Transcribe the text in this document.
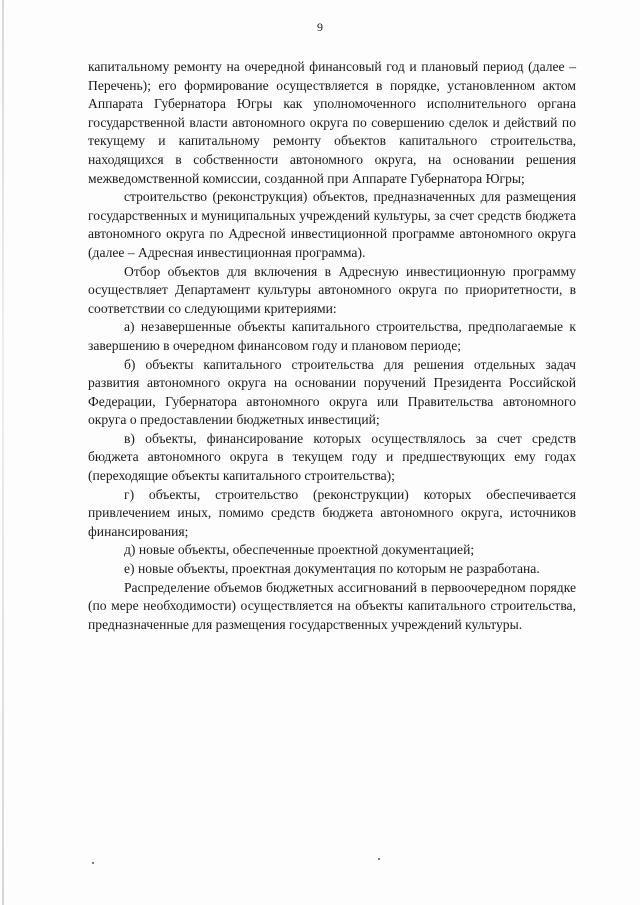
9

капитальному ремонту на очередной финансовый год и плановый период (далее – Перечень); его формирование осуществляется в порядке, установленном актом Аппарата Губернатора Югры как уполномоченного исполнительного органа государственной власти автономного округа по совершению сделок и действий по текущему и капитальному ремонту объектов капитального строительства, находящихся в собственности автономного округа, на основании решения межведомственной комиссии, созданной при Аппарате Губернатора Югры;

строительство (реконструкция) объектов, предназначенных для размещения государственных и муниципальных учреждений культуры, за счет средств бюджета автономного округа по Адресной инвестиционной программе автономного округа (далее – Адресная инвестиционная программа).

Отбор объектов для включения в Адресную инвестиционную программу осуществляет Департамент культуры автономного округа по приоритетности, в соответствии со следующими критериями:

а) незавершенные объекты капитального строительства, предполагаемые к завершению в очередном финансовом году и плановом периоде;

б) объекты капитального строительства для решения отдельных задач развития автономного округа на основании поручений Президента Российской Федерации, Губернатора автономного округа или Правительства автономного округа о предоставлении бюджетных инвестиций;

в) объекты, финансирование которых осуществлялось за счет средств бюджета автономного округа в текущем году и предшествующих ему годах (переходящие объекты капитального строительства);

г) объекты, строительство (реконструкции) которых обеспечивается привлечением иных, помимо средств бюджета автономного округа, источников финансирования;

д) новые объекты, обеспеченные проектной документацией;

е) новые объекты, проектная документация по которым не разработана.

Распределение объемов бюджетных ассигнований в первоочередном порядке (по мере необходимости) осуществляется на объекты капитального строительства, предназначенные для размещения государственных учреждений культуры.
